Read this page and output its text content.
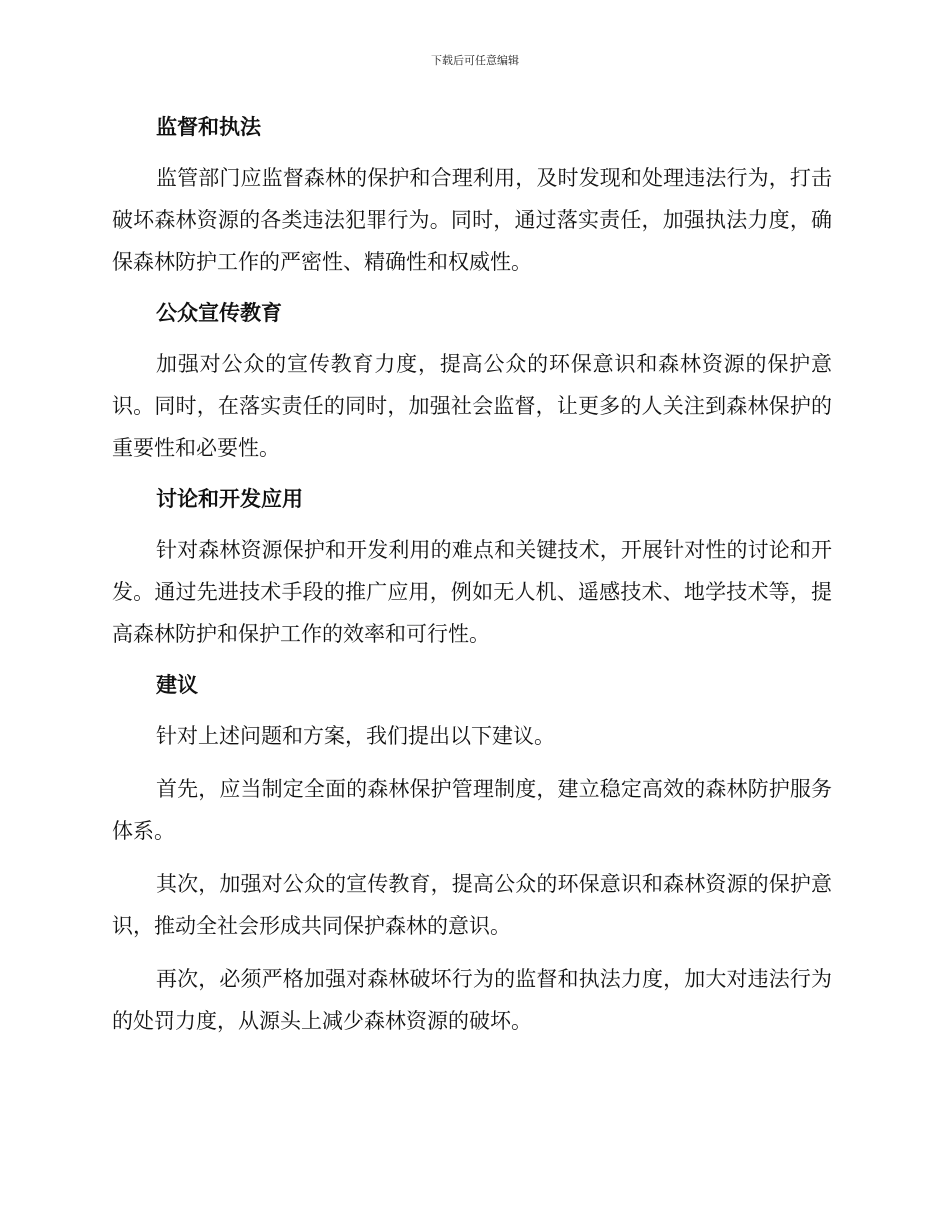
下载后可任意编辑
监督和执法

监管部门应监督森林的保护和合理利用，及时发现和处理违法行为，打击破坏森林资源的各类违法犯罪行为。同时，通过落实责任，加强执法力度，确保森林防护工作的严密性、精确性和权威性。

公众宣传教育

加强对公众的宣传教育力度，提高公众的环保意识和森林资源的保护意识。同时，在落实责任的同时，加强社会监督，让更多的人关注到森林保护的重要性和必要性。

讨论和开发应用

针对森林资源保护和开发利用的难点和关键技术，开展针对性的讨论和开发。通过先进技术手段的推广应用，例如无人机、遥感技术、地学技术等，提高森林防护和保护工作的效率和可行性。

建议

针对上述问题和方案，我们提出以下建议。

首先，应当制定全面的森林保护管理制度，建立稳定高效的森林防护服务体系。

其次，加强对公众的宣传教育，提高公众的环保意识和森林资源的保护意识，推动全社会形成共同保护森林的意识。

再次，必须严格加强对森林破坏行为的监督和执法力度，加大对违法行为的处罚力度，从源头上减少森林资源的破坏。
